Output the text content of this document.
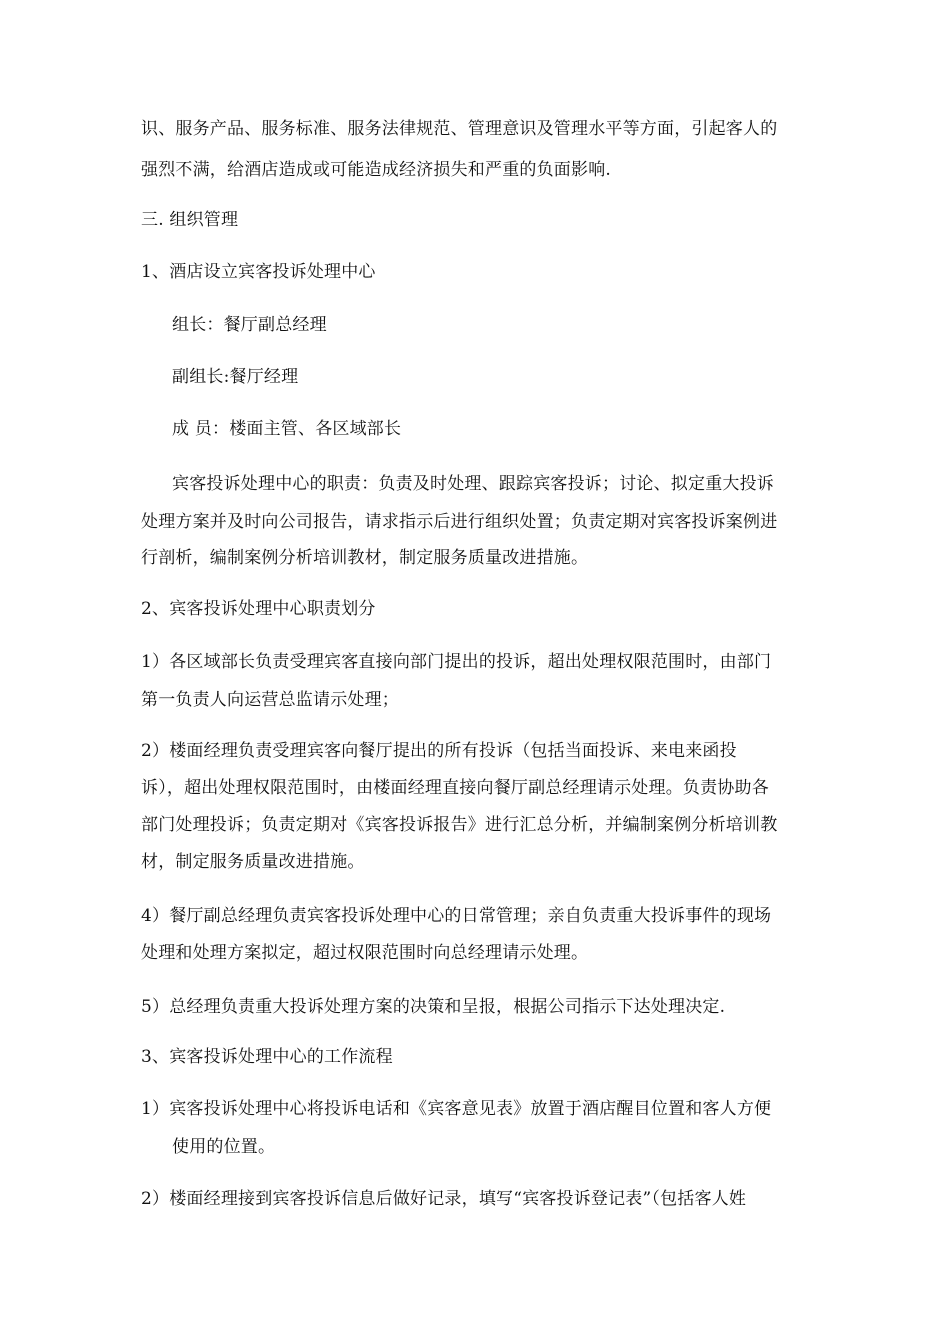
识、服务产品、服务标准、服务法律规范、管理意识及管理水平等方面，引起客人的
强烈不满，给酒店造成或可能造成经济损失和严重的负面影响.
三. 组织管理
1、酒店设立宾客投诉处理中心
组长：餐厅副总经理
副组长:餐厅经理
成 员：楼面主管、各区域部长
宾客投诉处理中心的职责：负责及时处理、跟踪宾客投诉；讨论、拟定重大投诉
处理方案并及时向公司报告，请求指示后进行组织处置；负责定期对宾客投诉案例进
行剖析，编制案例分析培训教材，制定服务质量改进措施。
2、宾客投诉处理中心职责划分
1）各区域部长负责受理宾客直接向部门提出的投诉，超出处理权限范围时，由部门
第一负责人向运营总监请示处理；
2）楼面经理负责受理宾客向餐厅提出的所有投诉（包括当面投诉、来电来函投
诉），超出处理权限范围时，由楼面经理直接向餐厅副总经理请示处理。负责协助各
部门处理投诉；负责定期对《宾客投诉报告》进行汇总分析，并编制案例分析培训教
材，制定服务质量改进措施。
4）餐厅副总经理负责宾客投诉处理中心的日常管理；亲自负责重大投诉事件的现场
处理和处理方案拟定，超过权限范围时向总经理请示处理。
5）总经理负责重大投诉处理方案的决策和呈报，根据公司指示下达处理决定.
3、宾客投诉处理中心的工作流程
1）宾客投诉处理中心将投诉电话和《宾客意见表》放置于酒店醒目位置和客人方便
使用的位置。
2）楼面经理接到宾客投诉信息后做好记录，填写“宾客投诉登记表”（包括客人姓
